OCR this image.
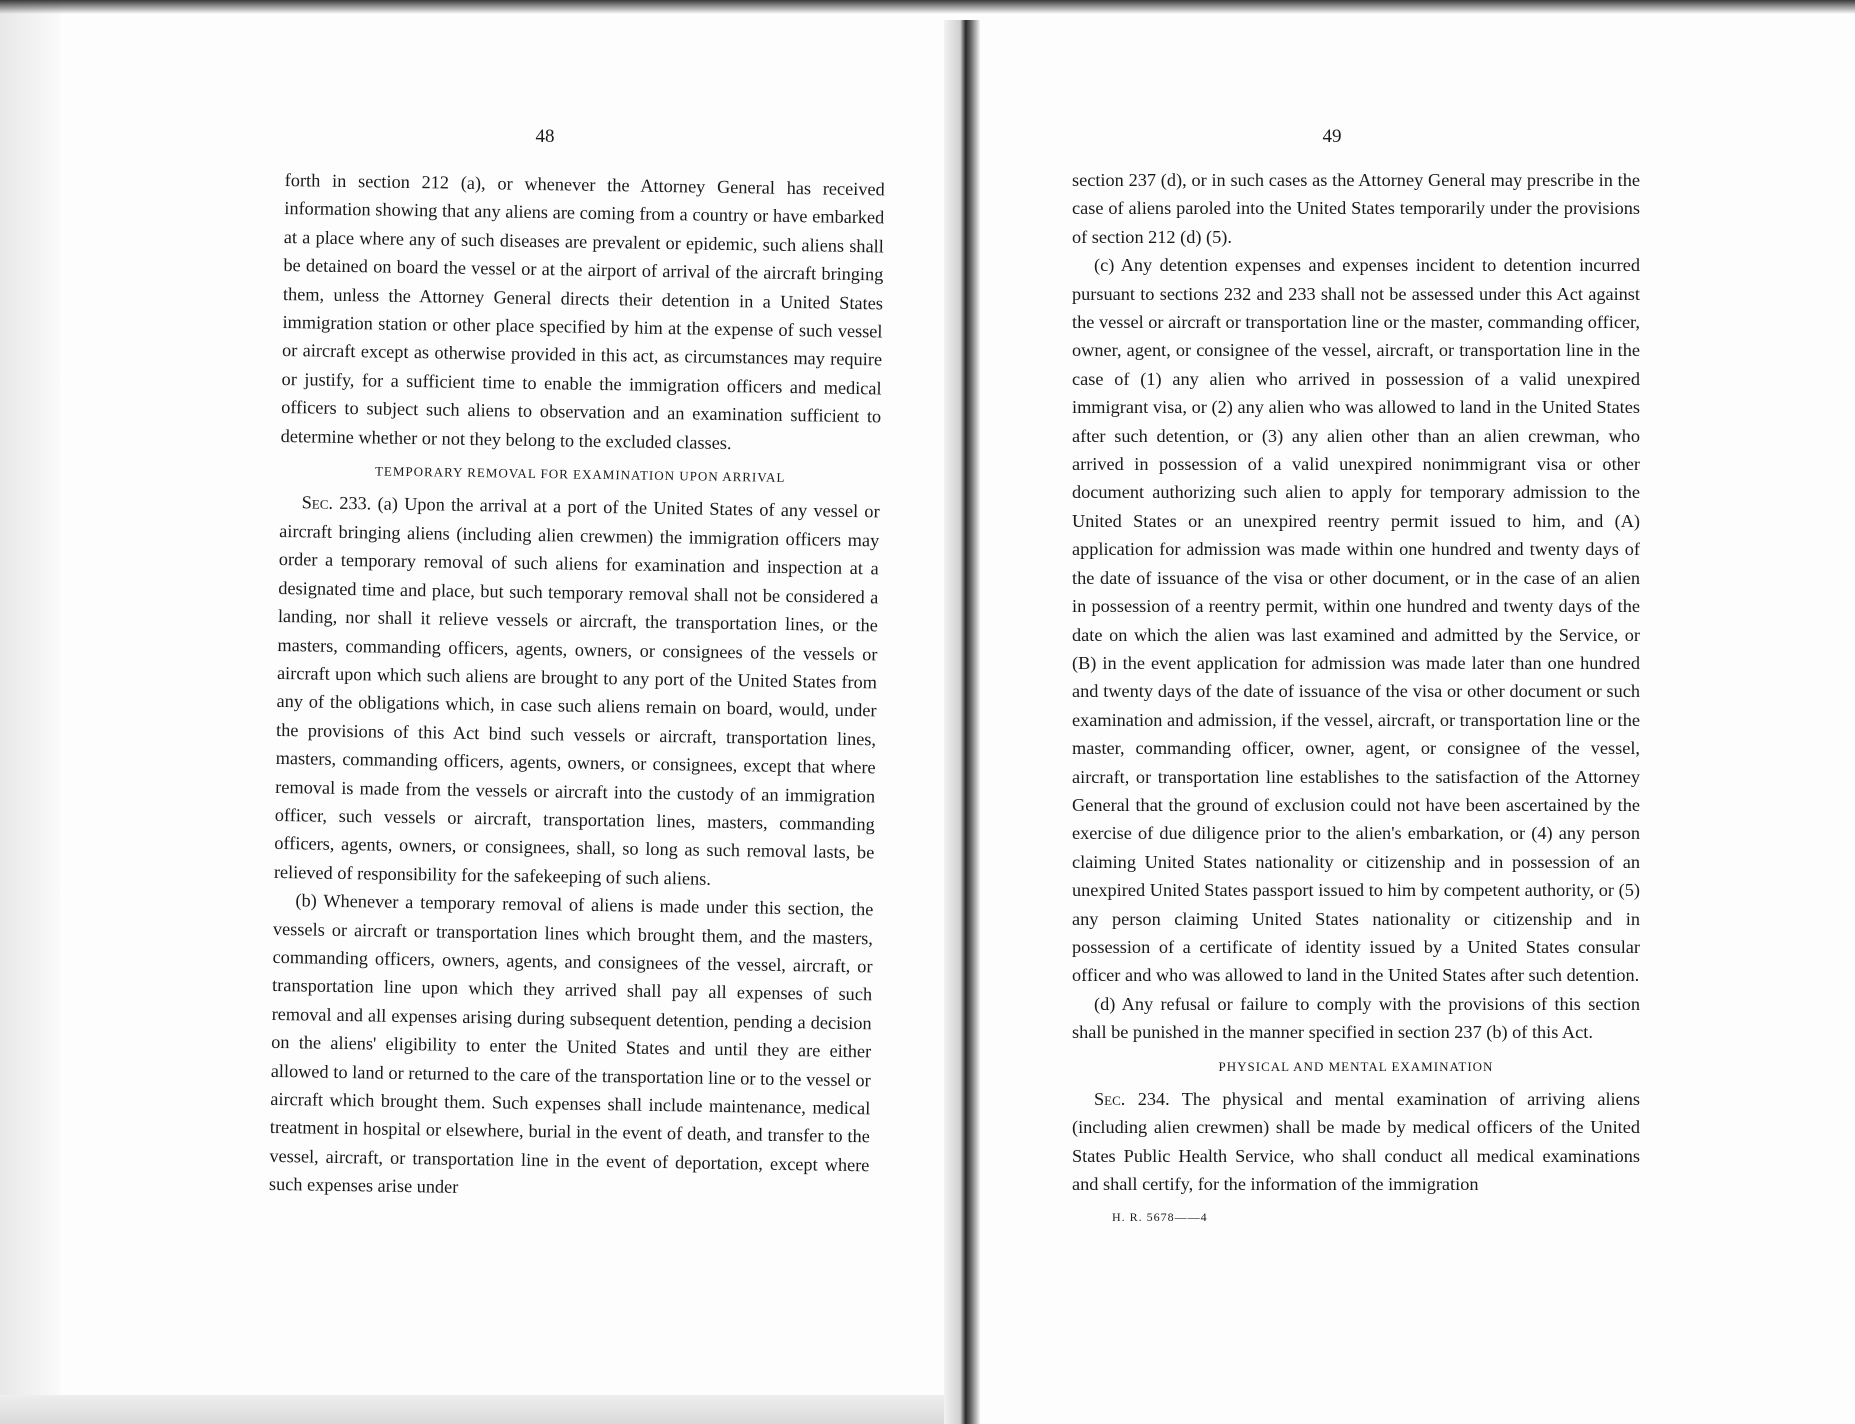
48

forth in section 212 (a), or whenever the Attorney General has received information showing that any aliens are coming from a country or have embarked at a place where any of such diseases are prevalent or epidemic, such aliens shall be detained on board the vessel or at the airport of arrival of the aircraft bringing them, unless the Attorney General directs their detention in a United States immigration station or other place specified by him at the expense of such vessel or aircraft except as otherwise provided in this act, as circumstances may require or justify, for a sufficient time to enable the immigration officers and medical officers to subject such aliens to observation and an examination sufficient to determine whether or not they belong to the excluded classes.

TEMPORARY REMOVAL FOR EXAMINATION UPON ARRIVAL

Sec. 233. (a) Upon the arrival at a port of the United States of any vessel or aircraft bringing aliens (including alien crewmen) the immigration officers may order a temporary removal of such aliens for examination and inspection at a designated time and place, but such temporary removal shall not be considered a landing, nor shall it relieve vessels or aircraft, the transportation lines, or the masters, commanding officers, agents, owners, or consignees of the vessels or aircraft upon which such aliens are brought to any port of the United States from any of the obligations which, in case such aliens remain on board, would, under the provisions of this Act bind such vessels or aircraft, transportation lines, masters, commanding officers, agents, owners, or consignees, except that where removal is made from the vessels or aircraft into the custody of an immigration officer, such vessels or aircraft, transportation lines, masters, commanding officers, agents, owners, or consignees, shall, so long as such removal lasts, be relieved of responsibility for the safekeeping of such aliens.

(b) Whenever a temporary removal of aliens is made under this section, the vessels or aircraft or transportation lines which brought them, and the masters, commanding officers, owners, agents, and consignees of the vessel, aircraft, or transportation line upon which they arrived shall pay all expenses of such removal and all expenses arising during subsequent detention, pending a decision on the aliens' eligibility to enter the United States and until they are either allowed to land or returned to the care of the transportation line or to the vessel or aircraft which brought them. Such expenses shall include maintenance, medical treatment in hospital or elsewhere, burial in the event of death, and transfer to the vessel, aircraft, or transportation line in the event of deportation, except where such expenses arise under

49

section 237 (d), or in such cases as the Attorney General may prescribe in the case of aliens paroled into the United States temporarily under the provisions of section 212 (d) (5).

(c) Any detention expenses and expenses incident to detention incurred pursuant to sections 232 and 233 shall not be assessed under this Act against the vessel or aircraft or transportation line or the master, commanding officer, owner, agent, or consignee of the vessel, aircraft, or transportation line in the case of (1) any alien who arrived in possession of a valid unexpired immigrant visa, or (2) any alien who was allowed to land in the United States after such detention, or (3) any alien other than an alien crewman, who arrived in possession of a valid unexpired nonimmigrant visa or other document authorizing such alien to apply for temporary admission to the United States or an unexpired reentry permit issued to him, and (A) application for admission was made within one hundred and twenty days of the date of issuance of the visa or other document, or in the case of an alien in possession of a reentry permit, within one hundred and twenty days of the date on which the alien was last examined and admitted by the Service, or (B) in the event application for admission was made later than one hundred and twenty days of the date of issuance of the visa or other document or such examination and admission, if the vessel, aircraft, or transportation line or the master, commanding officer, owner, agent, or consignee of the vessel, aircraft, or transportation line establishes to the satisfaction of the Attorney General that the ground of exclusion could not have been ascertained by the exercise of due diligence prior to the alien's embarkation, or (4) any person claiming United States nationality or citizenship and in possession of an unexpired United States passport issued to him by competent authority, or (5) any person claiming United States nationality or citizenship and in possession of a certificate of identity issued by a United States consular officer and who was allowed to land in the United States after such detention.

(d) Any refusal or failure to comply with the provisions of this section shall be punished in the manner specified in section 237 (b) of this Act.

PHYSICAL AND MENTAL EXAMINATION

Sec. 234. The physical and mental examination of arriving aliens (including alien crewmen) shall be made by medical officers of the United States Public Health Service, who shall conduct all medical examinations and shall certify, for the information of the immigration

H. R. 5678——4
